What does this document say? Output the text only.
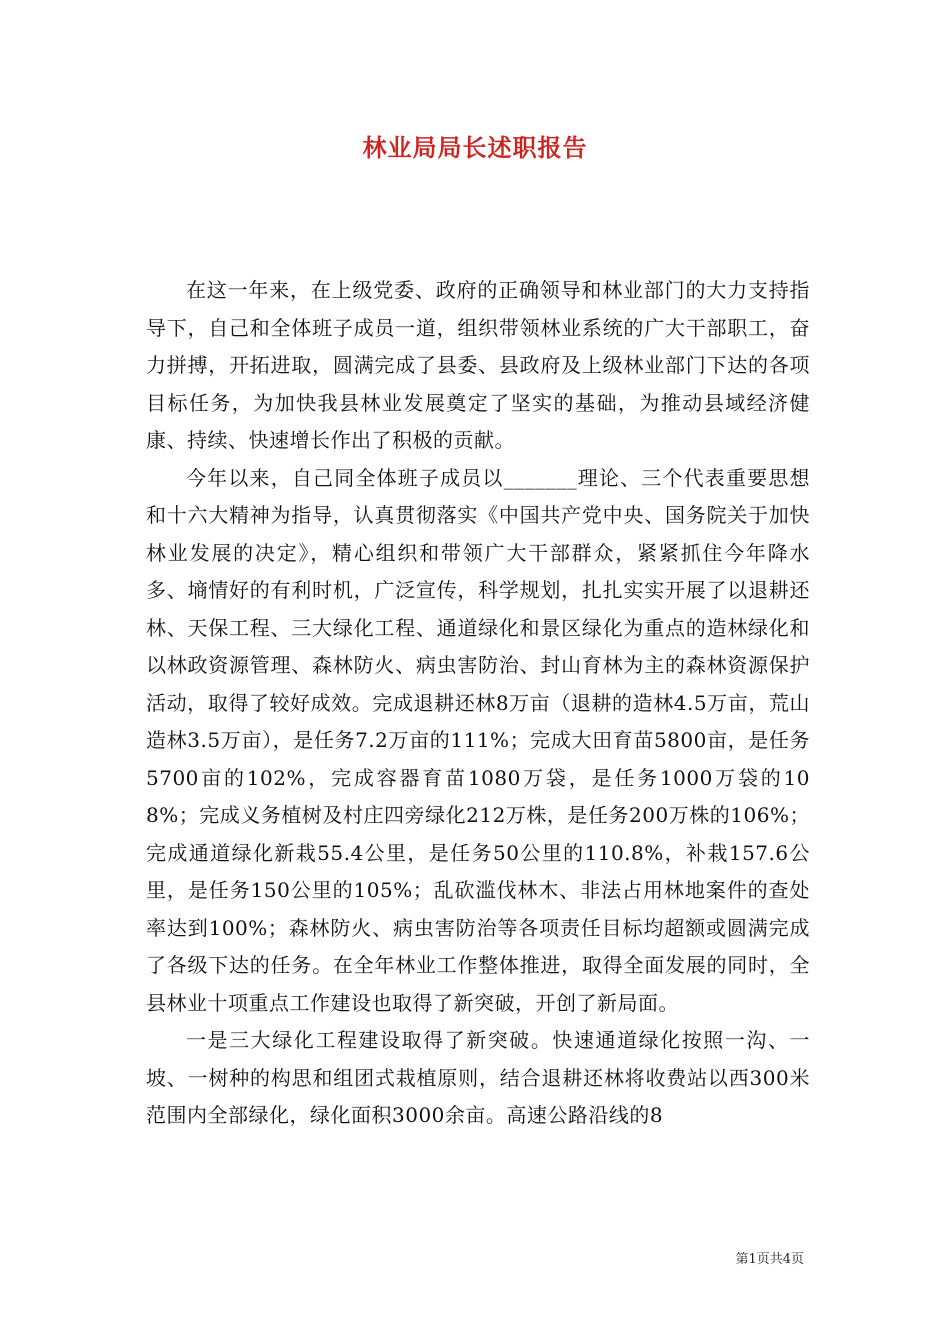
林业局局长述职报告

在这一年来，在上级党委、政府的正确领导和林业部门的大力支持指导下，自己和全体班子成员一道，组织带领林业系统的广大干部职工，奋力拼搏，开拓进取，圆满完成了县委、县政府及上级林业部门下达的各项目标任务，为加快我县林业发展奠定了坚实的基础，为推动县域经济健康、持续、快速增长作出了积极的贡献。

今年以来，自己同全体班子成员以_______理论、三个代表重要思想和十六大精神为指导，认真贯彻落实《中国共产党中央、国务院关于加快林业发展的决定》，精心组织和带领广大干部群众，紧紧抓住今年降水多、墒情好的有利时机，广泛宣传，科学规划，扎扎实实开展了以退耕还林、天保工程、三大绿化工程、通道绿化和景区绿化为重点的造林绿化和以林政资源管理、森林防火、病虫害防治、封山育林为主的森林资源保护活动，取得了较好成效。完成退耕还林8万亩（退耕的造林4.5万亩，荒山造林3.5万亩），是任务7.2万亩的111%；完成大田育苗5800亩，是任务5700亩的102%，完成容器育苗1080万袋，是任务1000万袋的108%；完成义务植树及村庄四旁绿化212万株，是任务200万株的106%；完成通道绿化新栽55.4公里，是任务50公里的110.8%，补栽157.6公里，是任务150公里的105%；乱砍滥伐林木、非法占用林地案件的查处率达到100%；森林防火、病虫害防治等各项责任目标均超额或圆满完成了各级下达的任务。在全年林业工作整体推进，取得全面发展的同时，全县林业十项重点工作建设也取得了新突破，开创了新局面。

一是三大绿化工程建设取得了新突破。快速通道绿化按照一沟、一坡、一树种的构思和组团式栽植原则，结合退耕还林将收费站以西300米范围内全部绿化，绿化面积3000余亩。高速公路沿线的8

第1页共4页
